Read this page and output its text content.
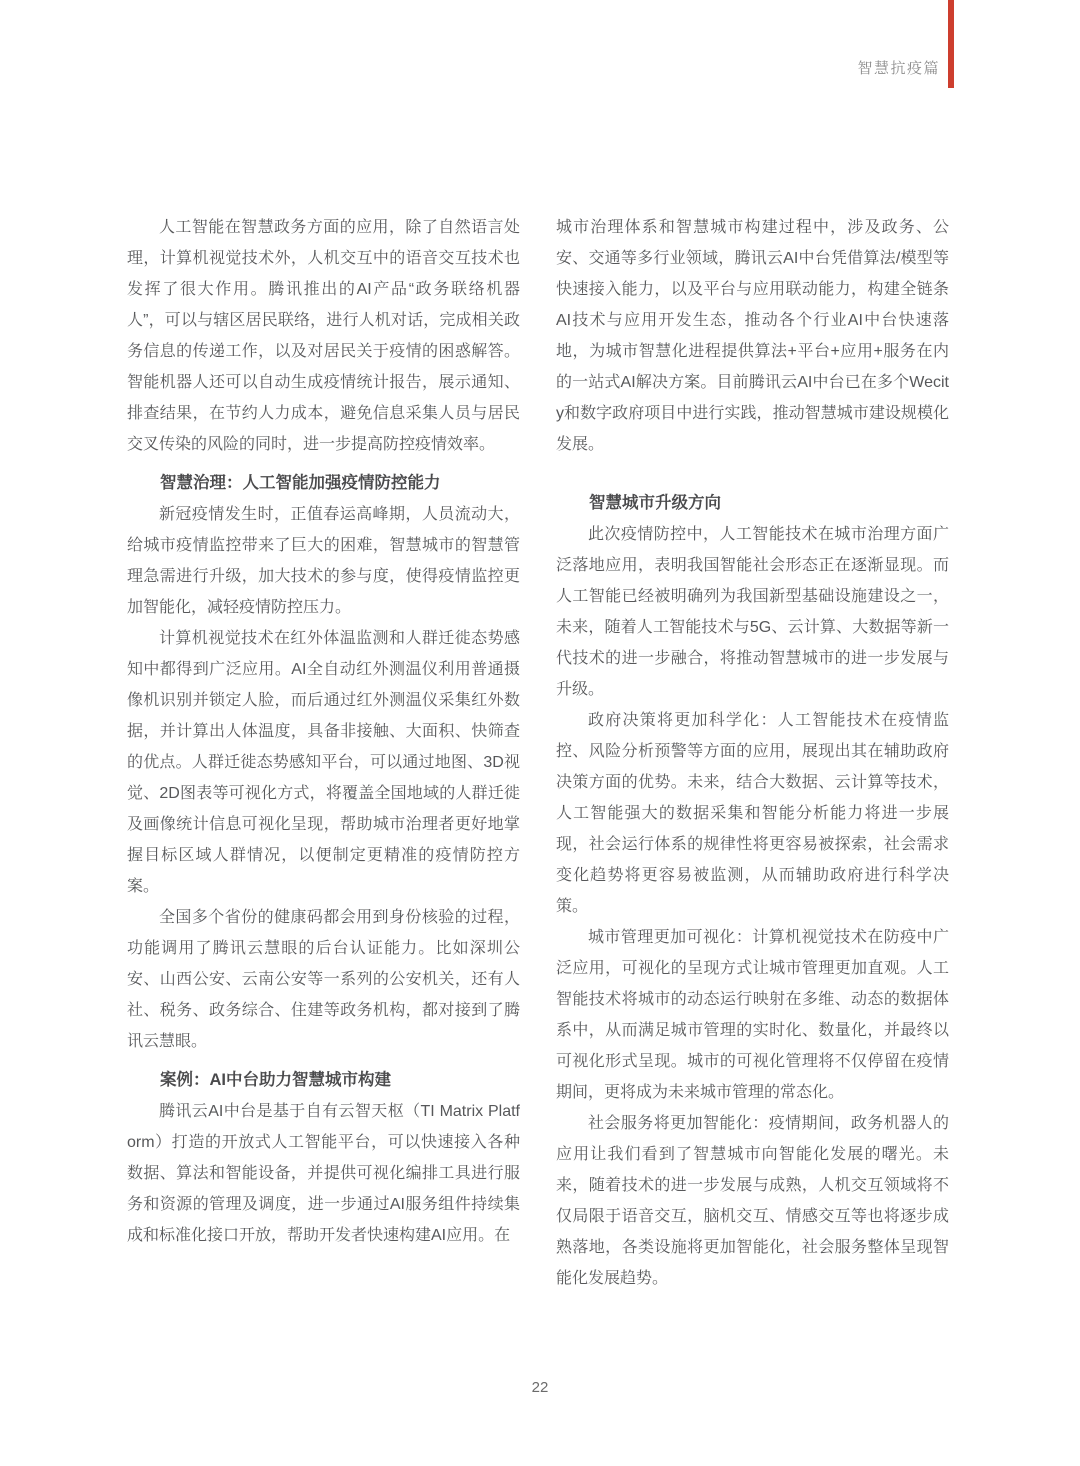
智慧抗疫篇

人工智能在智慧政务方面的应用，除了自然语言处理，计算机视觉技术外，人机交互中的语音交互技术也发挥了很大作用。腾讯推出的AI产品“政务联络机器人”，可以与辖区居民联络，进行人机对话，完成相关政务信息的传递工作，以及对居民关于疫情的困惑解答。智能机器人还可以自动生成疫情统计报告，展示通知、排查结果，在节约人力成本，避免信息采集人员与居民交叉传染的风险的同时，进一步提高防控疫情效率。

智慧治理：人工智能加强疫情防控能力

新冠疫情发生时，正值春运高峰期，人员流动大，给城市疫情监控带来了巨大的困难，智慧城市的智慧管理急需进行升级，加大技术的参与度，使得疫情监控更加智能化，减轻疫情防控压力。

计算机视觉技术在红外体温监测和人群迁徙态势感知中都得到广泛应用。AI全自动红外测温仪利用普通摄像机识别并锁定人脸，而后通过红外测温仪采集红外数据，并计算出人体温度，具备非接触、大面积、快筛查的优点。人群迁徙态势感知平台，可以通过地图、3D视觉、2D图表等可视化方式，将覆盖全国地域的人群迁徙及画像统计信息可视化呈现，帮助城市治理者更好地掌握目标区域人群情况，以便制定更精准的疫情防控方案。

全国多个省份的健康码都会用到身份核验的过程，功能调用了腾讯云慧眼的后台认证能力。比如深圳公安、山西公安、云南公安等一系列的公安机关，还有人社、税务、政务综合、住建等政务机构，都对接到了腾讯云慧眼。

案例：AI中台助力智慧城市构建

腾讯云AI中台是基于自有云智天枢（TI Matrix Platform）打造的开放式人工智能平台，可以快速接入各种数据、算法和智能设备，并提供可视化编排工具进行服务和资源的管理及调度，进一步通过AI服务组件持续集成和标准化接口开放，帮助开发者快速构建AI应用。在

城市治理体系和智慧城市构建过程中，涉及政务、公安、交通等多行业领域，腾讯云AI中台凭借算法/模型等快速接入能力，以及平台与应用联动能力，构建全链条AI技术与应用开发生态，推动各个行业AI中台快速落地，为城市智慧化进程提供算法+平台+应用+服务在内的一站式AI解决方案。目前腾讯云AI中台已在多个Wecity和数字政府项目中进行实践，推动智慧城市建设规模化发展。

智慧城市升级方向

此次疫情防控中，人工智能技术在城市治理方面广泛落地应用，表明我国智能社会形态正在逐渐显现。而人工智能已经被明确列为我国新型基础设施建设之一，未来，随着人工智能技术与5G、云计算、大数据等新一代技术的进一步融合，将推动智慧城市的进一步发展与升级。

政府决策将更加科学化：人工智能技术在疫情监控、风险分析预警等方面的应用，展现出其在辅助政府决策方面的优势。未来，结合大数据、云计算等技术，人工智能强大的数据采集和智能分析能力将进一步展现，社会运行体系的规律性将更容易被探索，社会需求变化趋势将更容易被监测，从而辅助政府进行科学决策。

城市管理更加可视化：计算机视觉技术在防疫中广泛应用，可视化的呈现方式让城市管理更加直观。人工智能技术将城市的动态运行映射在多维、动态的数据体系中，从而满足城市管理的实时化、数量化，并最终以可视化形式呈现。城市的可视化管理将不仅停留在疫情期间，更将成为未来城市管理的常态化。

社会服务将更加智能化：疫情期间，政务机器人的应用让我们看到了智慧城市向智能化发展的曙光。未来，随着技术的进一步发展与成熟，人机交互领域将不仅局限于语音交互，脑机交互、情感交互等也将逐步成熟落地，各类设施将更加智能化，社会服务整体呈现智能化发展趋势。

22
